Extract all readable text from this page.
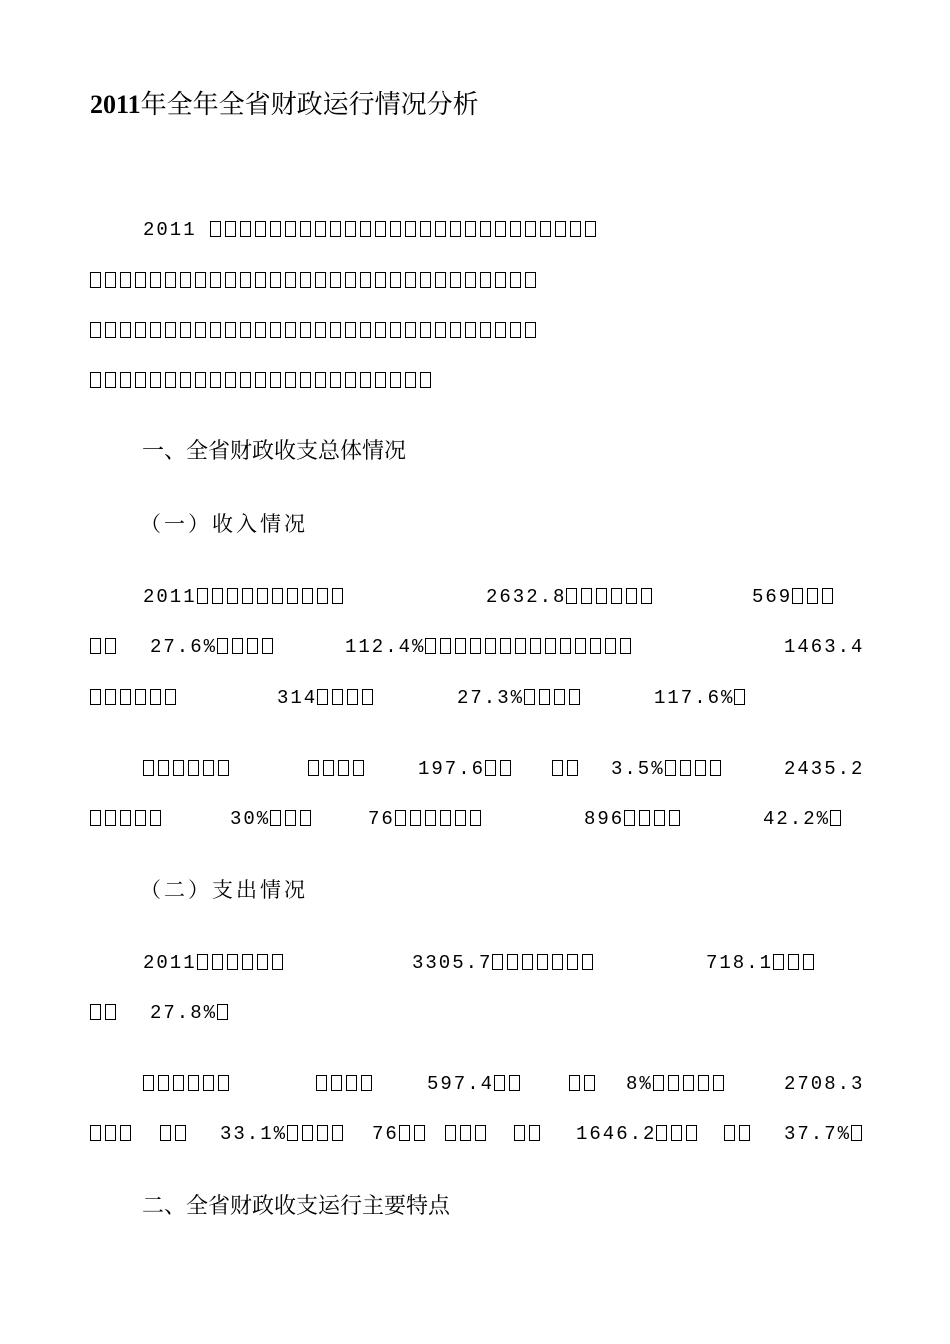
2011年全年全省财政运行情况分析
2011
一、全省财政收支总体情况
（一）收入情况
2011	2632.8	569
27.6%	112.4%	1463.4
314	27.3%	117.6%
197.6	3.5%	2435.2
30%	76	896	42.2%
（二）支出情况
2011	3305.7	718.1
27.8%
597.4	8%	2708.3
33.1%	76	1646.2	37.7%
二、全省财政收支运行主要特点
